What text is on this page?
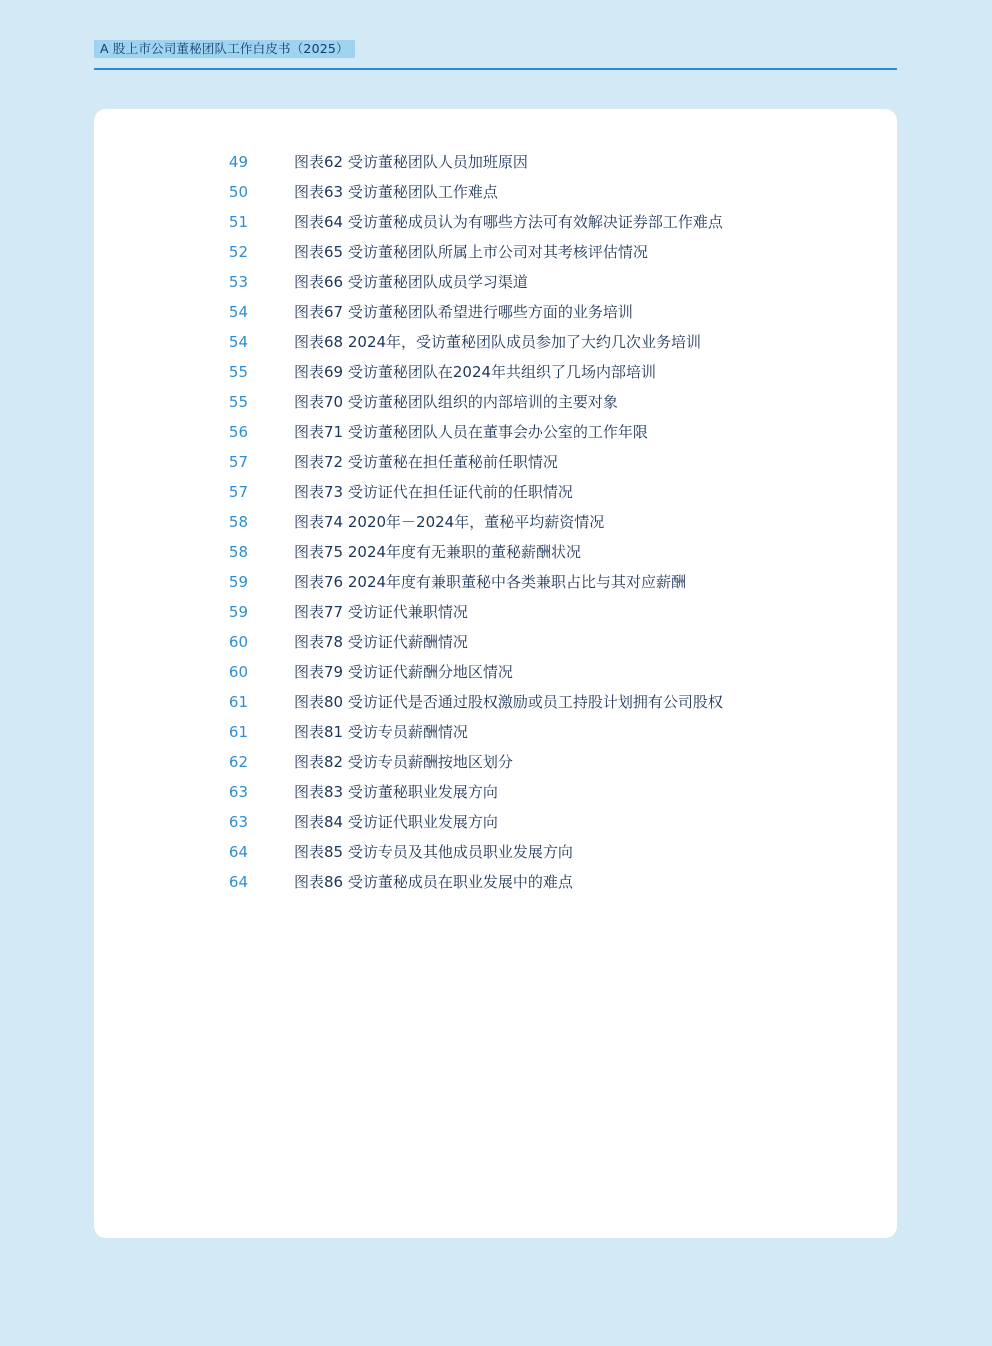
A 股上市公司董秘团队工作白皮书（2025）
49	图表62 受访董秘团队人员加班原因
50	图表63 受访董秘团队工作难点
51	图表64 受访董秘成员认为有哪些方法可有效解决证券部工作难点
52	图表65 受访董秘团队所属上市公司对其考核评估情况
53	图表66 受访董秘团队成员学习渠道
54	图表67 受访董秘团队希望进行哪些方面的业务培训
54	图表68 2024年，受访董秘团队成员参加了大约几次业务培训
55	图表69 受访董秘团队在2024年共组织了几场内部培训
55	图表70 受访董秘团队组织的内部培训的主要对象
56	图表71 受访董秘团队人员在董事会办公室的工作年限
57	图表72 受访董秘在担任董秘前任职情况
57	图表73 受访证代在担任证代前的任职情况
58	图表74 2020年－2024年，董秘平均薪资情况
58	图表75 2024年度有无兼职的董秘薪酬状况
59	图表76 2024年度有兼职董秘中各类兼职占比与其对应薪酬
59	图表77 受访证代兼职情况
60	图表78 受访证代薪酬情况
60	图表79 受访证代薪酬分地区情况
61	图表80 受访证代是否通过股权激励或员工持股计划拥有公司股权
61	图表81 受访专员薪酬情况
62	图表82 受访专员薪酬按地区划分
63	图表83 受访董秘职业发展方向
63	图表84 受访证代职业发展方向
64	图表85 受访专员及其他成员职业发展方向
64	图表86 受访董秘成员在职业发展中的难点
